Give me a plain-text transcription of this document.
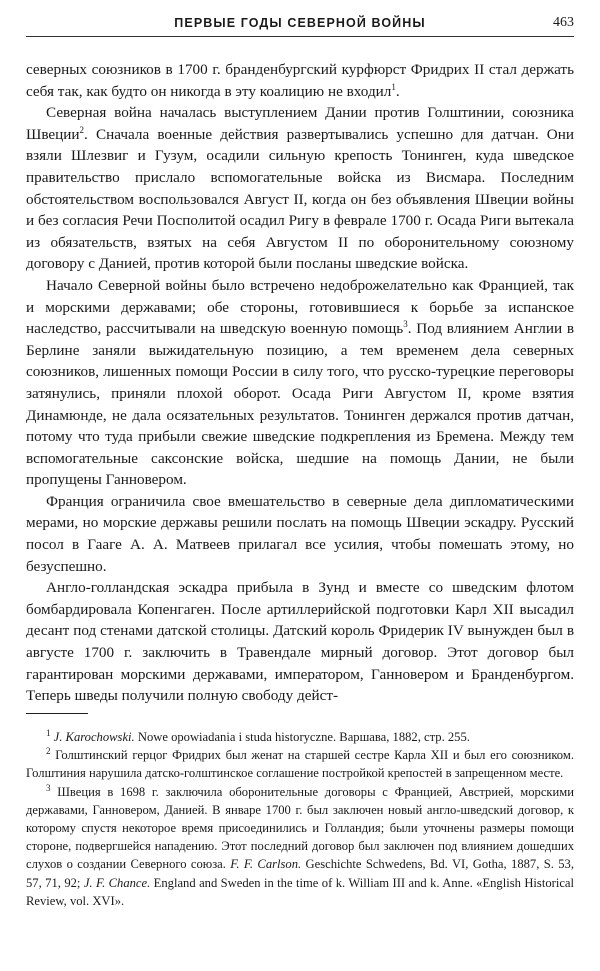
ПЕРВЫЕ ГОДЫ СЕВЕРНОЙ ВОЙНЫ	463

северных союзников в 1700 г. бранденбургский курфюрст Фридрих II стал держать себя так, как будто он никогда в эту коалицию не входил$^1$.

Северная война началась выступлением Дании против Голштинии, союзника Швеции$^2$. Сначала военные действия развертывались успешно для датчан. Они взяли Шлезвиг и Гузум, осадили сильную крепость Тонинген, куда шведское правительство прислало вспомогательные войска из Висмара. Последним обстоятельством воспользовался Август II, когда он без объявления Швеции войны и без согласия Речи Посполитой осадил Ригу в феврале 1700 г. Осада Риги вытекала из обязательств, взятых на себя Августом II по оборонительному союзному договору с Данией, против которой были посланы шведские войска.

Начало Северной войны было встречено недоброжелательно как Францией, так и морскими державами; обе стороны, готовившиеся к борьбе за испанское наследство, рассчитывали на шведскую военную помощь$^3$. Под влиянием Англии в Берлине заняли выжидательную позицию, а тем временем дела северных союзников, лишенных помощи России в силу того, что русско-турецкие переговоры затянулись, приняли плохой оборот. Осада Риги Августом II, кроме взятия Динамюнде, не дала осязательных результатов. Тонинген держался против датчан, потому что туда прибыли свежие шведские подкрепления из Бремена. Между тем вспомогательные саксонские войска, шедшие на помощь Дании, не были пропущены Ганновером.

Франция ограничила свое вмешательство в северные дела дипломатическими мерами, но морские державы решили послать на помощь Швеции эскадру. Русский посол в Гааге А. А. Матвеев прилагал все усилия, чтобы помешать этому, но безуспешно.

Англо-голландская эскадра прибыла в Зунд и вместе со шведским флотом бомбардировала Копенгаген. После артиллерийской подготовки Карл XII высадил десант под стенами датской столицы. Датский король Фридерик IV вынужден был в августе 1700 г. заключить в Травендале мирный договор. Этот договор был гарантирован морскими державами, императором, Ганновером и Бранденбургом. Теперь шведы получили полную свободу дейст-

$^1$ J. Karochowski. Nowe opowiadania i studa historyczne. Варшава, 1882, стр. 255.

$^2$ Голштинский герцог Фридрих был женат на старшей сестре Карла XII и был его союзником. Голштиния нарушила датско-голштинское соглашение постройкой крепостей в запрещенном месте.

$^3$ Швеция в 1698 г. заключила оборонительные договоры с Францией, Австрией, морскими державами, Ганновером, Данией. В январе 1700 г. был заключен новый англо-шведский договор, к которому спустя некоторое время присоединились и Голландия; были уточнены размеры помощи стороне, подвергшейся нападению. Этот последний договор был заключен под влиянием дошедших слухов о создании Северного союза. F. F. Carlson. Geschichte Schwedens, Bd. VI, Gotha, 1887, S. 53, 57, 71, 92; J. F. Chance. England and Sweden in the time of k. William III and k. Anne. «English Historical Review, vol. XVI».
